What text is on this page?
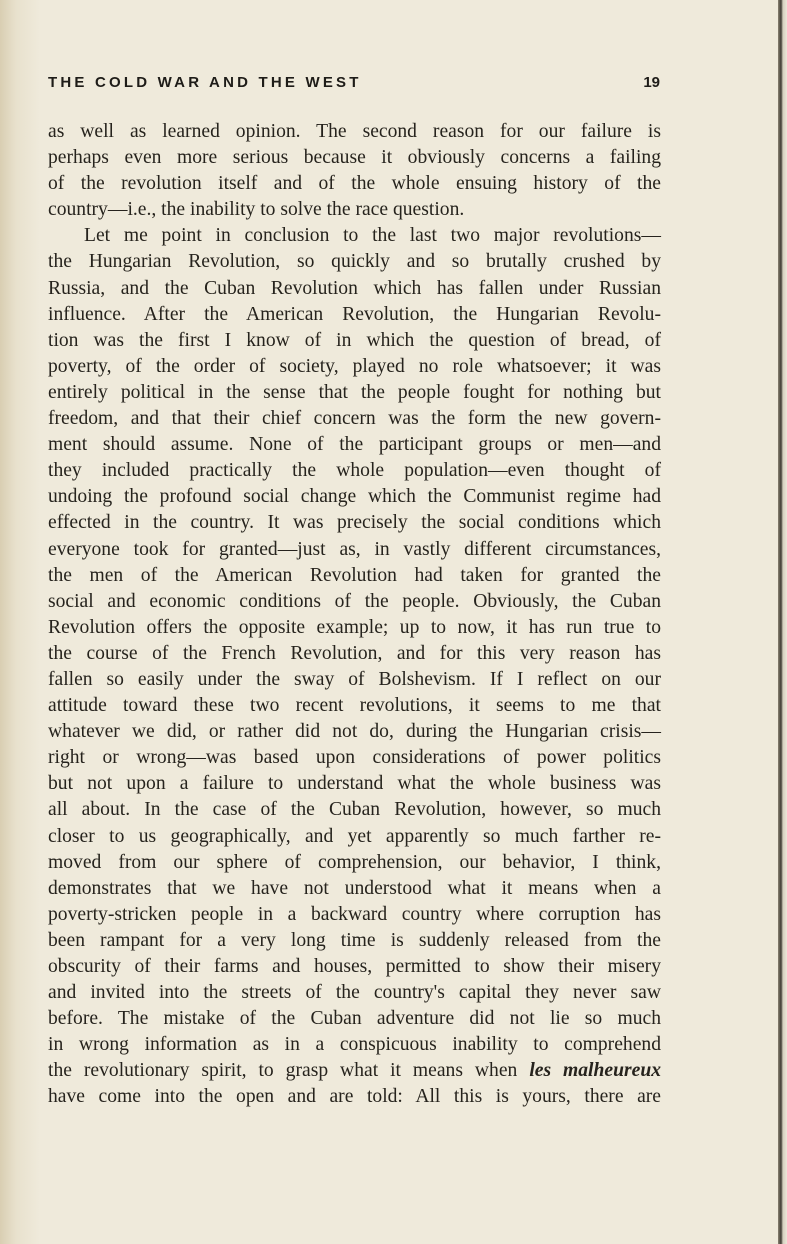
THE COLD WAR AND THE WEST	19
as well as learned opinion. The second reason for our failure is
perhaps even more serious because it obviously concerns a failing
of the revolution itself and of the whole ensuing history of the
country—i.e., the inability to solve the race question.
Let me point in conclusion to the last two major revolutions—
the Hungarian Revolution, so quickly and so brutally crushed by
Russia, and the Cuban Revolution which has fallen under Russian
influence. After the American Revolution, the Hungarian Revolu-
tion was the first I know of in which the question of bread, of
poverty, of the order of society, played no role whatsoever; it was
entirely political in the sense that the people fought for nothing but
freedom, and that their chief concern was the form the new govern-
ment should assume. None of the participant groups or men—and
they included practically the whole population—even thought of
undoing the profound social change which the Communist regime had
effected in the country. It was precisely the social conditions which
everyone took for granted—just as, in vastly different circumstances,
the men of the American Revolution had taken for granted the
social and economic conditions of the people. Obviously, the Cuban
Revolution offers the opposite example; up to now, it has run true to
the course of the French Revolution, and for this very reason has
fallen so easily under the sway of Bolshevism. If I reflect on our
attitude toward these two recent revolutions, it seems to me that
whatever we did, or rather did not do, during the Hungarian crisis—
right or wrong—was based upon considerations of power politics
but not upon a failure to understand what the whole business was
all about. In the case of the Cuban Revolution, however, so much
closer to us geographically, and yet apparently so much farther re-
moved from our sphere of comprehension, our behavior, I think,
demonstrates that we have not understood what it means when a
poverty-stricken people in a backward country where corruption has
been rampant for a very long time is suddenly released from the
obscurity of their farms and houses, permitted to show their misery
and invited into the streets of the country's capital they never saw
before. The mistake of the Cuban adventure did not lie so much
in wrong information as in a conspicuous inability to comprehend
the revolutionary spirit, to grasp what it means when les malheureux
have come into the open and are told: All this is yours, there are
